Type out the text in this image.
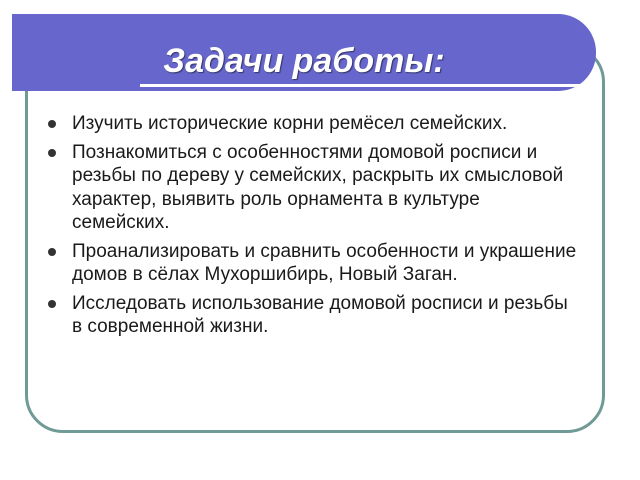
Задачи работы:
Изучить исторические корни ремёсел семейских.
Познакомиться с особенностями домовой росписи и резьбы по дереву у семейских, раскрыть их смысловой характер, выявить роль орнамента в культуре семейских.
Проанализировать и сравнить особенности и украшение домов в сёлах Мухоршибирь, Новый Заган.
Исследовать использование домовой росписи и резьбы в современной жизни.
